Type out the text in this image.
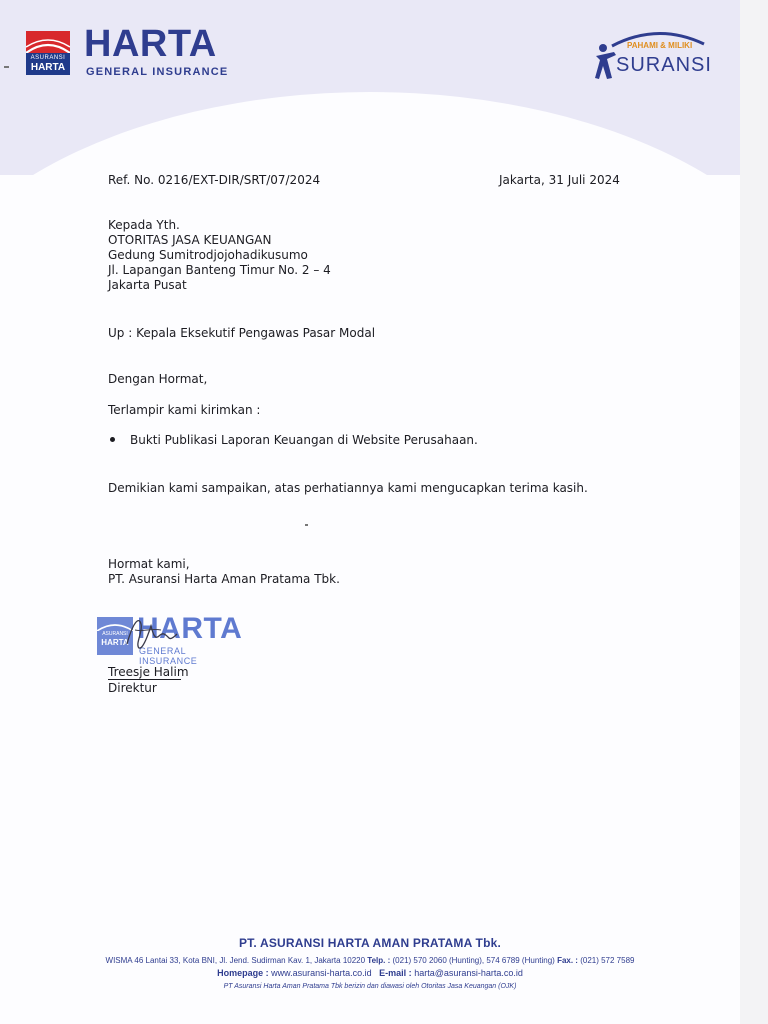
ASURANSI
HARTA
HARTA
GENERAL INSURANCE
PAHAMI & MILIKI
SURANSI
Ref. No. 0216/EXT-DIR/SRT/07/2024	Jakarta, 31 Juli 2024
Kepada Yth.
OTORITAS JASA KEUANGAN
Gedung Sumitrodjojohadikusumo
Jl. Lapangan Banteng Timur No. 2 – 4
Jakarta Pusat
Up : Kepala Eksekutif Pengawas Pasar Modal
Dengan Hormat,
Terlampir kami kirimkan :
Bukti Publikasi Laporan Keuangan di Website Perusahaan.
Demikian kami sampaikan, atas perhatiannya kami mengucapkan terima kasih.
Hormat kami,
PT. Asuransi Harta Aman Pratama Tbk.
ASURANSI
HARTA HARTA
GENERAL INSURANCE
Treesje Halim
Direktur
PT. ASURANSI HARTA AMAN PRATAMA Tbk.
WISMA 46 Lantai 33, Kota BNI, Jl. Jend. Sudirman Kav. 1, Jakarta 10220 Telp. : (021) 570 2060 (Hunting), 574 6789 (Hunting) Fax. : (021) 572 7589
Homepage : www.asuransi-harta.co.id E-mail : harta@asuransi-harta.co.id
PT Asuransi Harta Aman Pratama Tbk berizin dan diawasi oleh Otoritas Jasa Keuangan (OJK)
